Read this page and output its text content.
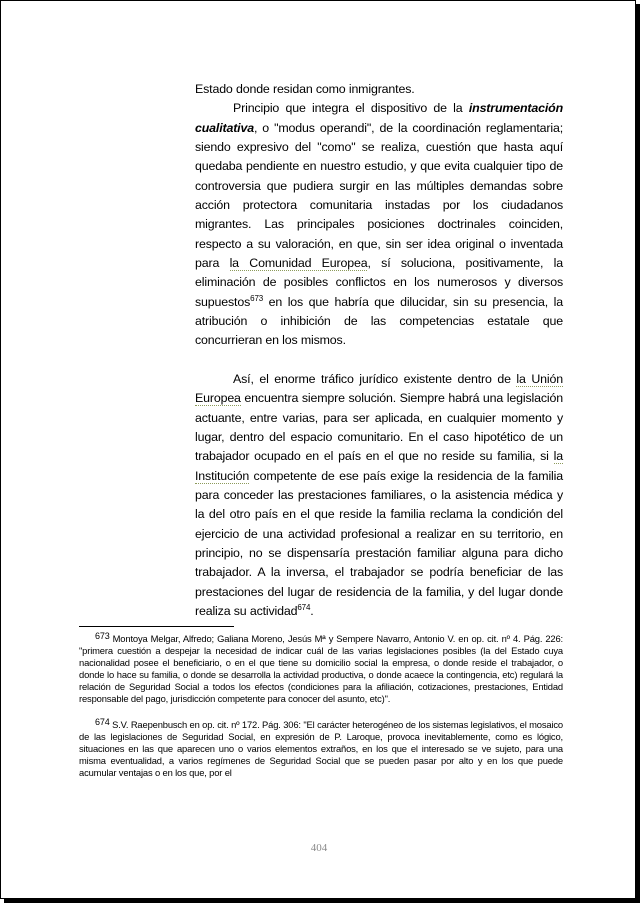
Estado donde residan como inmigrantes.

Principio que integra el dispositivo de la instrumentación cualitativa, o "modus operandi", de la coordinación reglamentaria; siendo expresivo del "como" se realiza, cuestión que hasta aquí quedaba pendiente en nuestro estudio, y que evita cualquier tipo de controversia que pudiera surgir en las múltiples demandas sobre acción protectora comunitaria instadas por los ciudadanos migrantes. Las principales posiciones doctrinales coinciden, respecto a su valoración, en que, sin ser idea original o inventada para la Comunidad Europea, sí soluciona, positivamente, la eliminación de posibles conflictos en los numerosos y diversos supuestos$^{673}$ en los que habría que dilucidar, sin su presencia, la atribución o inhibición de las competencias estatale que concurrieran en los mismos.

Así, el enorme tráfico jurídico existente dentro de la Unión Europea encuentra siempre solución. Siempre habrá una legislación actuante, entre varias, para ser aplicada, en cualquier momento y lugar, dentro del espacio comunitario. En el caso hipotético de un trabajador ocupado en el país en el que no reside su familia, si la Institución competente de ese país exige la residencia de la familia para conceder las prestaciones familiares, o la asistencia médica y la del otro país en el que reside la familia reclama la condición del ejercicio de una actividad profesional a realizar en su territorio, en principio, no se dispensaría prestación familiar alguna para dicho trabajador. A la inversa, el trabajador se podría beneficiar de las prestaciones del lugar de residencia de la familia, y del lugar donde realiza su actividad$^{674}$.

673 Montoya Melgar, Alfredo; Galiana Moreno, Jesús Mª y Sempere Navarro, Antonio V. en op. cit. nº 4. Pág. 226: "primera cuestión a despejar la necesidad de indicar cuál de las varias legislaciones posibles (la del Estado cuya nacionalidad posee el beneficiario, o en el que tiene su domicilio social la empresa, o donde reside el trabajador, o donde lo hace su familia, o donde se desarrolla la actividad productiva, o donde acaece la contingencia, etc) regulará la relación de Seguridad Social a todos los efectos (condiciones para la afiliación, cotizaciones, prestaciones, Entidad responsable del pago, jurisdicción competente para conocer del asunto, etc)".

674 S.V. Raepenbusch en op. cit. nº 172. Pág. 306: "El carácter heterogéneo de los sistemas legislativos, el mosaico de las legislaciones de Seguridad Social, en expresión de P. Laroque, provoca inevitablemente, como es lógico, situaciones en las que aparecen uno o varios elementos extraños, en los que el interesado se ve sujeto, para una misma eventualidad, a varios regímenes de Seguridad Social que se pueden pasar por alto y en los que puede acumular ventajas o en los que, por el

404
